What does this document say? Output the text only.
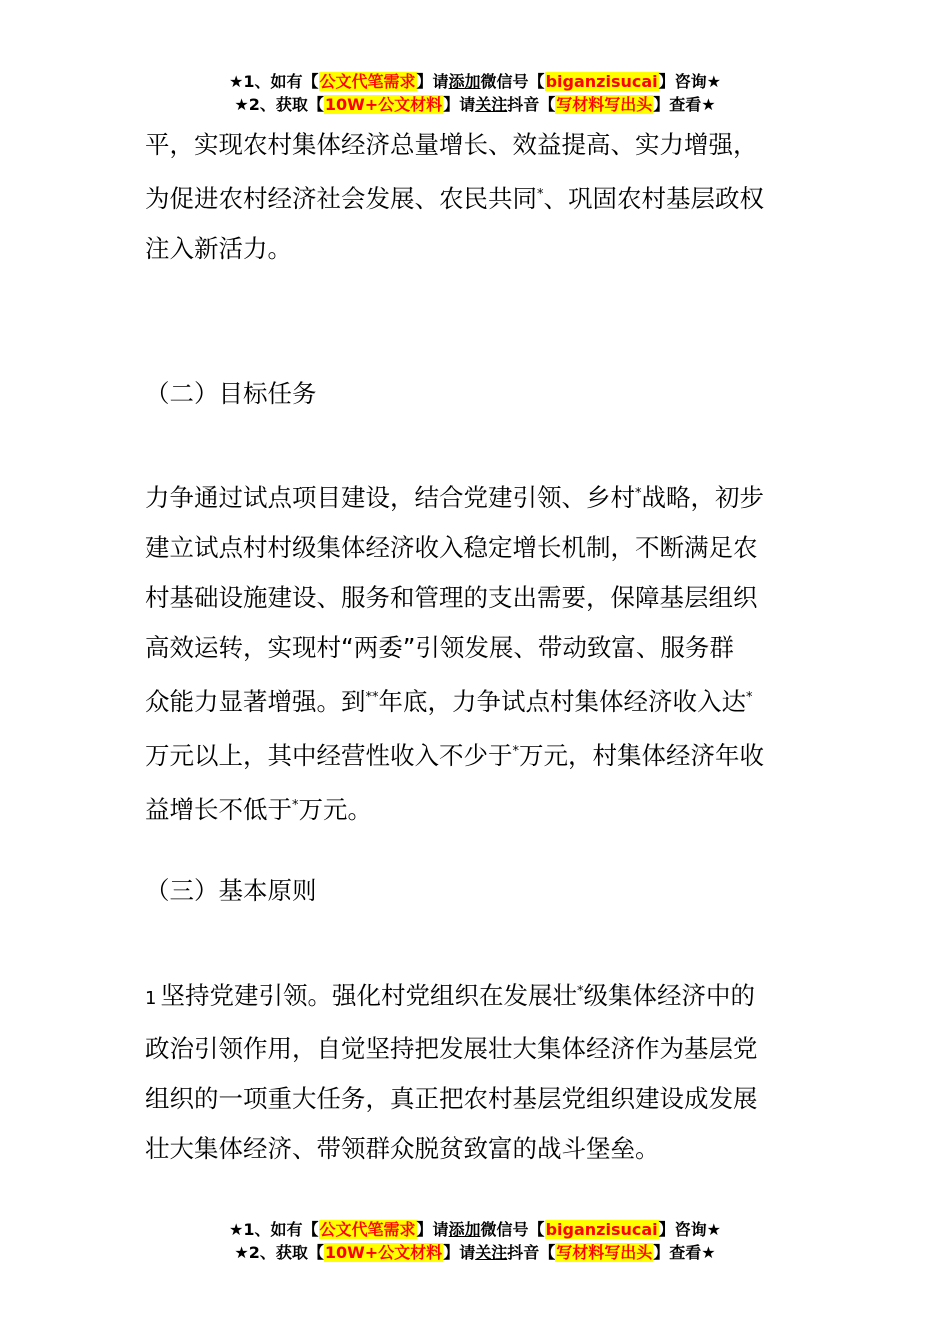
★1、如有【公文代笔需求】请添加微信号【biganzisucai】咨询★
★2、获取【10W+公文材料】请关注抖音【写材料写出头】查看★

平，实现农村集体经济总量增长、效益提高、实力增强，

为促进农村经济社会发展、农民共同*、巩固农村基层政权

注入新活力。

（二）目标任务

力争通过试点项目建设，结合党建引领、乡村*战略，初步

建立试点村村级集体经济收入稳定增长机制，不断满足农

村基础设施建设、服务和管理的支出需要，保障基层组织

高效运转，实现村“两委”引领发展、带动致富、服务群

众能力显著增强。到**年底，力争试点村集体经济收入达*

万元以上，其中经营性收入不少于*万元，村集体经济年收

益增长不低于*万元。

（三）基本原则

1 坚持党建引领。强化村党组织在发展壮*级集体经济中的

政治引领作用，自觉坚持把发展壮大集体经济作为基层党

组织的一项重大任务，真正把农村基层党组织建设成发展

壮大集体经济、带领群众脱贫致富的战斗堡垒。

★1、如有【公文代笔需求】请添加微信号【biganzisucai】咨询★
★2、获取【10W+公文材料】请关注抖音【写材料写出头】查看★
